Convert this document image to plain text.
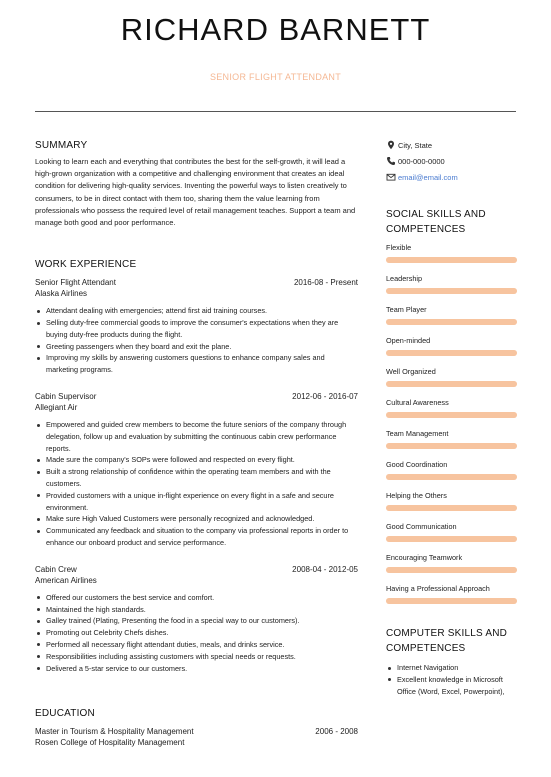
RICHARD BARNETT
SENIOR FLIGHT ATTENDANT
SUMMARY
Looking to learn each and everything that contributes the best for the self-growth, it will lead a high-grown organization with a competitive and challenging environment that creates an ideal condition for delivering high-quality services. Inventing the powerful ways to listen creatively to consumers, to be in direct contact with them too, sharing them the value learning from professionals who possess the required level of retail management teaches. Support a team and manage both good and poor performance.
WORK EXPERIENCE
Senior Flight Attendant	2016-08 - Present
Alaska Airlines
Attendant dealing with emergencies; attend first aid training courses.
Selling duty-free commercial goods to improve the consumer's expectations when they are buying duty-free products during the flight.
Greeting passengers when they board and exit the plane.
Improving my skills by answering customers questions to enhance company sales and marketing programs.
Cabin Supervisor	2012-06 - 2016-07
Allegiant Air
Empowered and guided crew members to become the future seniors of the company through delegation, follow up and evaluation by submitting the continuous cabin crew performance reports.
Made sure the company's SOPs were followed and respected on every flight.
Built a strong relationship of confidence within the operating team members and with the customers.
Provided customers with a unique in-flight experience on every flight in a safe and secure environment.
Make sure High Valued Customers were personally recognized and acknowledged.
Communicated any feedback and situation to the company via professional reports in order to enhance our onboard product and service performance.
Cabin Crew	2008-04 - 2012-05
American Airlines
Offered our customers the best service and comfort.
Maintained the high standards.
Galley trained (Plating, Presenting the food in a special way to our customers).
Promoting out Celebrity Chefs dishes.
Performed all necessary flight attendant duties, meals, and drinks service.
Responsibilities including assisting customers with special needs or requests.
Delivered a 5-star service to our customers.
EDUCATION
Master in Tourism & Hospitality Management	2006 - 2008
Rosen College of Hospitality Management
City, State
000-000-0000
email@email.com
SOCIAL SKILLS AND COMPETENCES
Flexible
Leadership
Team Player
Open-minded
Well Organized
Cultural Awareness
Team Management
Good Coordination
Helping the Others
Good Communication
Encouraging Teamwork
Having a Professional Approach
COMPUTER SKILLS AND COMPETENCES
Internet Navigation
Excellent knowledge in Microsoft Office (Word, Excel, Powerpoint),
